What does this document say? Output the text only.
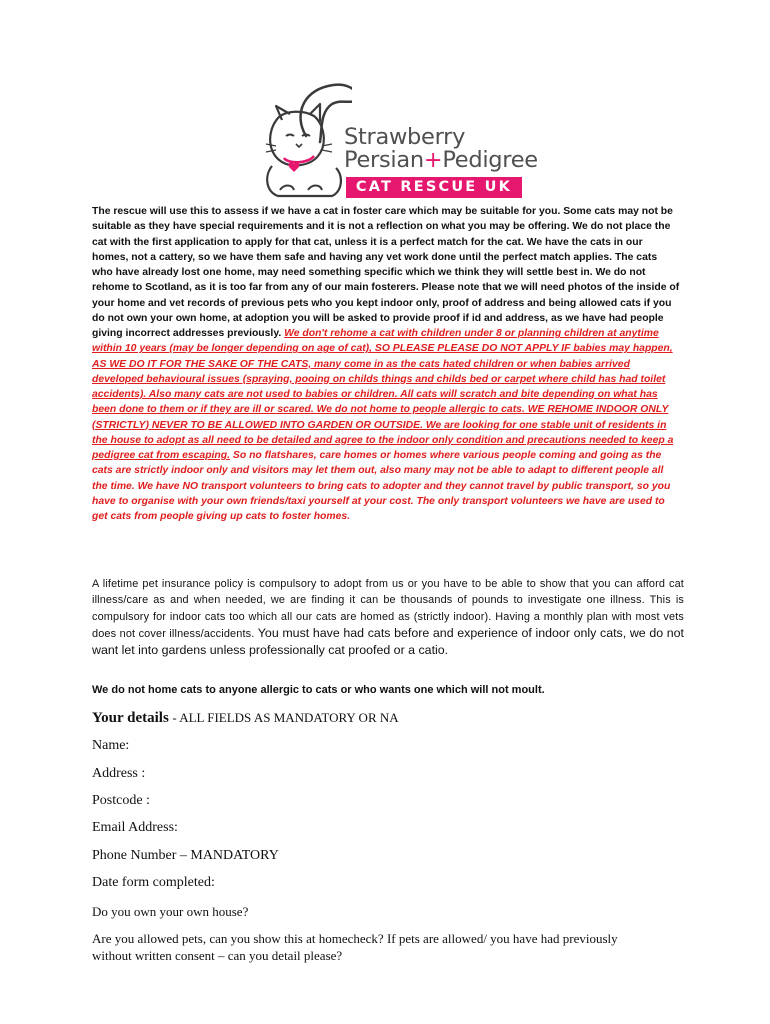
Strawberry
Persian+Pedigree
CAT RESCUE UK

The rescue will use this to assess if we have a cat in foster care which may be suitable for you. Some cats may not be suitable as they have special requirements and it is not a reflection on what you may be offering. We do not place the cat with the first application to apply for that cat, unless it is a perfect match for the cat. We have the cats in our homes, not a cattery, so we have them safe and having any vet work done until the perfect match applies. The cats who have already lost one home, may need something specific which we think they will settle best in. We do not rehome to Scotland, as it is too far from any of our main fosterers. Please note that we will need photos of the inside of your home and vet records of previous pets who you kept indoor only, proof of address and being allowed cats if you do not own your own home, at adoption you will be asked to provide proof if id and address, as we have had people giving incorrect addresses previously. We don't rehome a cat with children under 8 or planning children at anytime within 10 years (may be longer depending on age of cat), SO PLEASE PLEASE DO NOT APPLY IF babies may happen, AS WE DO IT FOR THE SAKE OF THE CATS, many come in as the cats hated children or when babies arrived developed behavioural issues (spraying, pooing on childs things and childs bed or carpet where child has had toilet accidents). Also many cats are not used to babies or children. All cats will scratch and bite depending on what has been done to them or if they are ill or scared. We do not home to people allergic to cats. WE REHOME INDOOR ONLY (STRICTLY) NEVER TO BE ALLOWED INTO GARDEN OR OUTSIDE. We are looking for one stable unit of residents in the house to adopt as all need to be detailed and agree to the indoor only condition and precautions needed to keep a pedigree cat from escaping. So no flatshares, care homes or homes where various people coming and going as the cats are strictly indoor only and visitors may let them out, also many may not be able to adapt to different people all the time. We have NO transport volunteers to bring cats to adopter and they cannot travel by public transport, so you have to organise with your own friends/taxi yourself at your cost. The only transport volunteers we have are used to get cats from people giving up cats to foster homes.

A lifetime pet insurance policy is compulsory to adopt from us or you have to be able to show that you can afford cat illness/care as and when needed, we are finding it can be thousands of pounds to investigate one illness. This is compulsory for indoor cats too which all our cats are homed as (strictly indoor). Having a monthly plan with most vets does not cover illness/accidents. You must have had cats before and experience of indoor only cats, we do not want let into gardens unless professionally cat proofed or a catio.

We do not home cats to anyone allergic to cats or who wants one which will not moult.

Your details - ALL FIELDS AS MANDATORY OR NA

Name:

Address :

Postcode :

Email Address:

Phone Number – MANDATORY

Date form completed:

Do you own your own house?

Are you allowed pets, can you show this at homecheck? If pets are allowed/ you have had previously without written consent – can you detail please?
